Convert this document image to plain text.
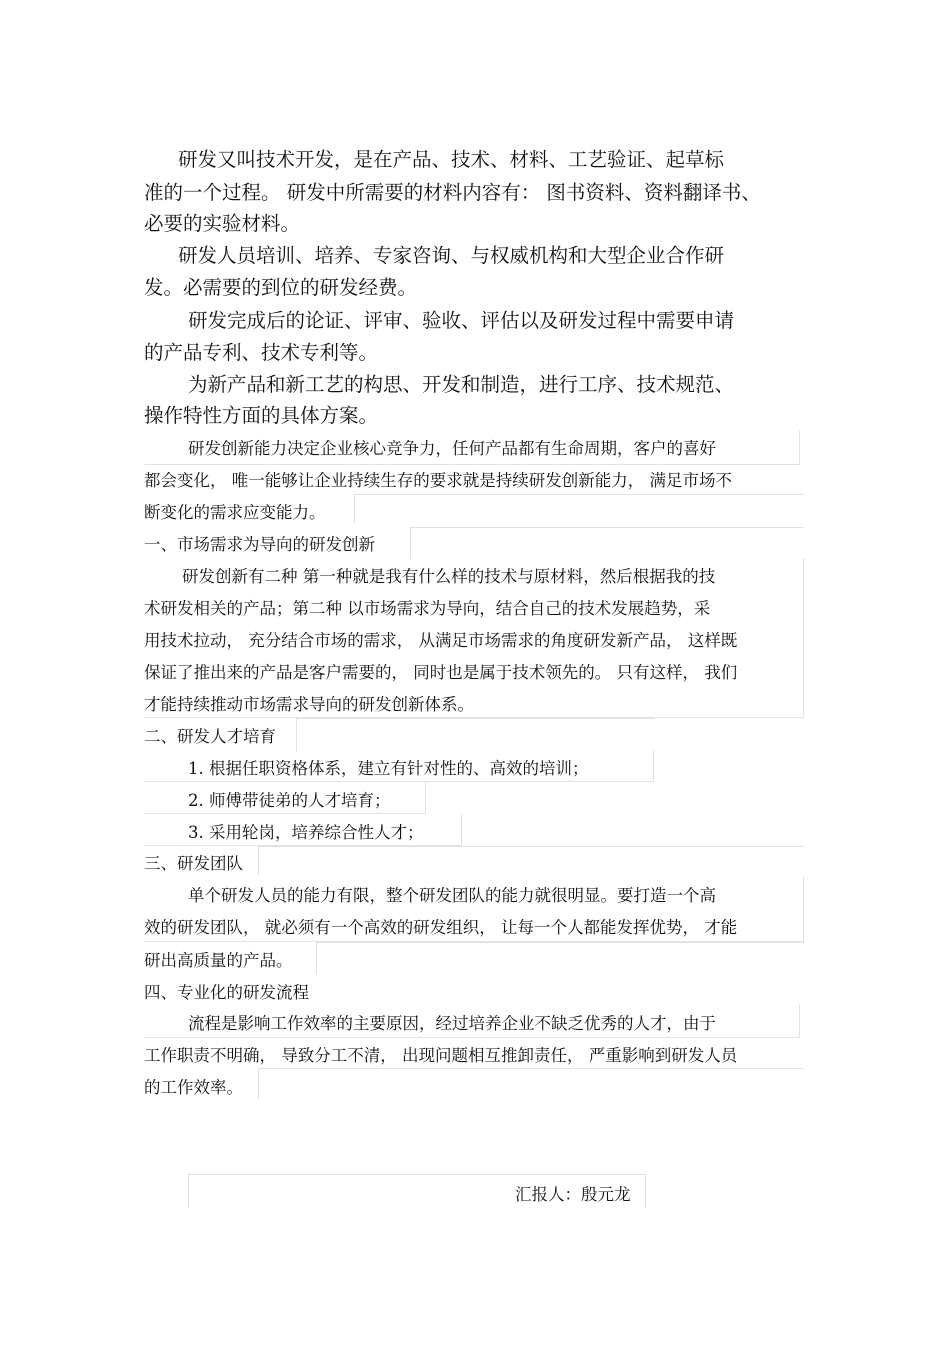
研发又叫技术开发，是在产品、技术、材料、工艺验证、起草标
准的一个过程。 研发中所需要的材料内容有： 图书资料、资料翻译书、
必要的实验材料。
研发人员培训、培养、专家咨询、与权威机构和大型企业合作研
发。必需要的到位的研发经费。
研发完成后的论证、评审、验收、评估以及研发过程中需要申请
的产品专利、技术专利等。
为新产品和新工艺的构思、开发和制造，进行工序、技术规范、
操作特性方面的具体方案。
研发创新能力决定企业核心竞争力，任何产品都有生命周期，客户的喜好
都会变化， 唯一能够让企业持续生存的要求就是持续研发创新能力， 满足市场不
断变化的需求应变能力。
一、市场需求为导向的研发创新
研发创新有二种 第一种就是我有什么样的技术与原材料，然后根据我的技
术研发相关的产品；第二种 以市场需求为导向，结合自己的技术发展趋势，采
用技术拉动， 充分结合市场的需求， 从满足市场需求的角度研发新产品， 这样既
保证了推出来的产品是客户需要的， 同时也是属于技术领先的。 只有这样， 我们
才能持续推动市场需求导向的研发创新体系。
二、研发人才培育
1. 根据任职资格体系，建立有针对性的、高效的培训；
2. 师傅带徒弟的人才培育；
3. 采用轮岗，培养综合性人才；
三、研发团队
单个研发人员的能力有限，整个研发团队的能力就很明显。要打造一个高
效的研发团队， 就必须有一个高效的研发组织， 让每一个人都能发挥优势， 才能
研出高质量的产品。
四、专业化的研发流程
流程是影响工作效率的主要原因，经过培养企业不缺乏优秀的人才，由于
工作职责不明确， 导致分工不清， 出现问题相互推卸责任， 严重影响到研发人员
的工作效率。
汇报人：殷元龙
